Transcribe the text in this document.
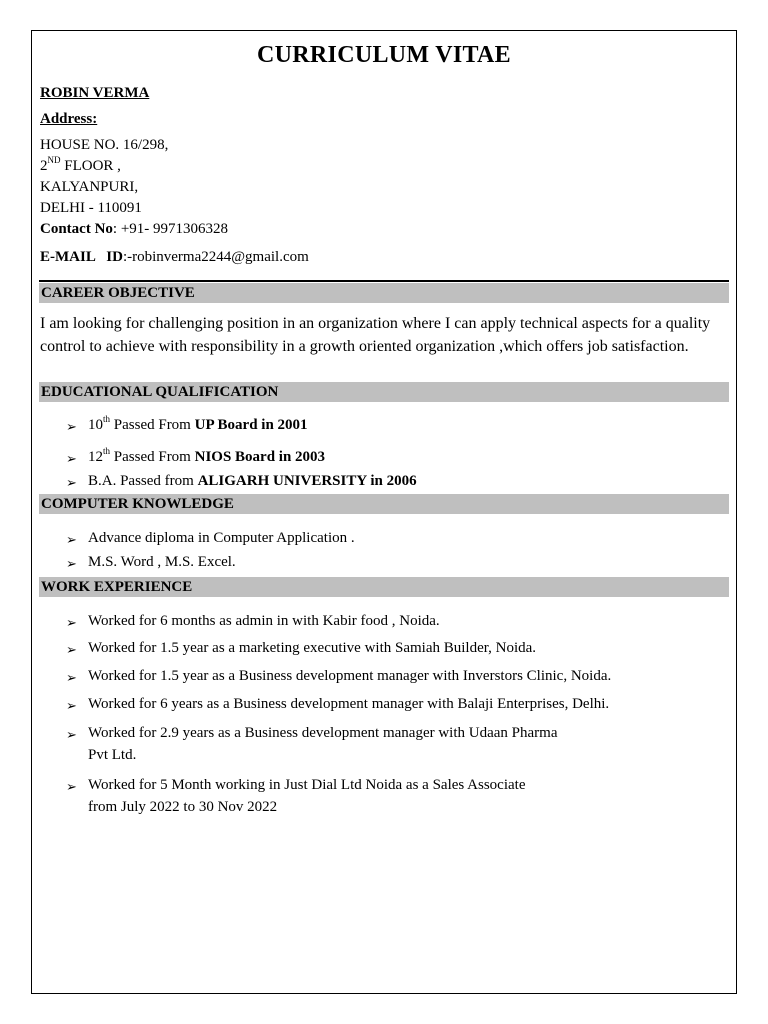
CURRICULUM VITAE
ROBIN VERMA
Address:
HOUSE NO. 16/298,
2ND FLOOR ,
KALYANPURI,
DELHI - 110091
Contact No: +91- 9971306328
E-MAIL   ID:-robinverma2244@gmail.com
CAREER OBJECTIVE
I am looking for challenging position in an organization where I can apply technical aspects for a quality control to achieve with responsibility in a growth oriented organization ,which offers job satisfaction.
EDUCATIONAL QUALIFICATION
➢ 10th Passed From UP Board in 2001
➢ 12th Passed From NIOS Board in 2003
➢ B.A. Passed from ALIGARH UNIVERSITY in 2006
COMPUTER KNOWLEDGE
➢ Advance diploma in Computer Application .
➢ M.S. Word , M.S. Excel.
WORK EXPERIENCE
➢ Worked for 6 months as admin in with Kabir food , Noida.
➢ Worked for 1.5 year as a marketing executive with Samiah Builder, Noida.
➢ Worked for 1.5 year as a Business development manager with Inverstors Clinic, Noida.
➢ Worked for 6 years as a Business development manager with Balaji Enterprises, Delhi.
➢ Worked for 2.9 years as a Business development manager with Udaan Pharma
Pvt Ltd.
➢ Worked for 5 Month working in Just Dial Ltd Noida as a Sales Associate
from July 2022 to 30 Nov 2022
